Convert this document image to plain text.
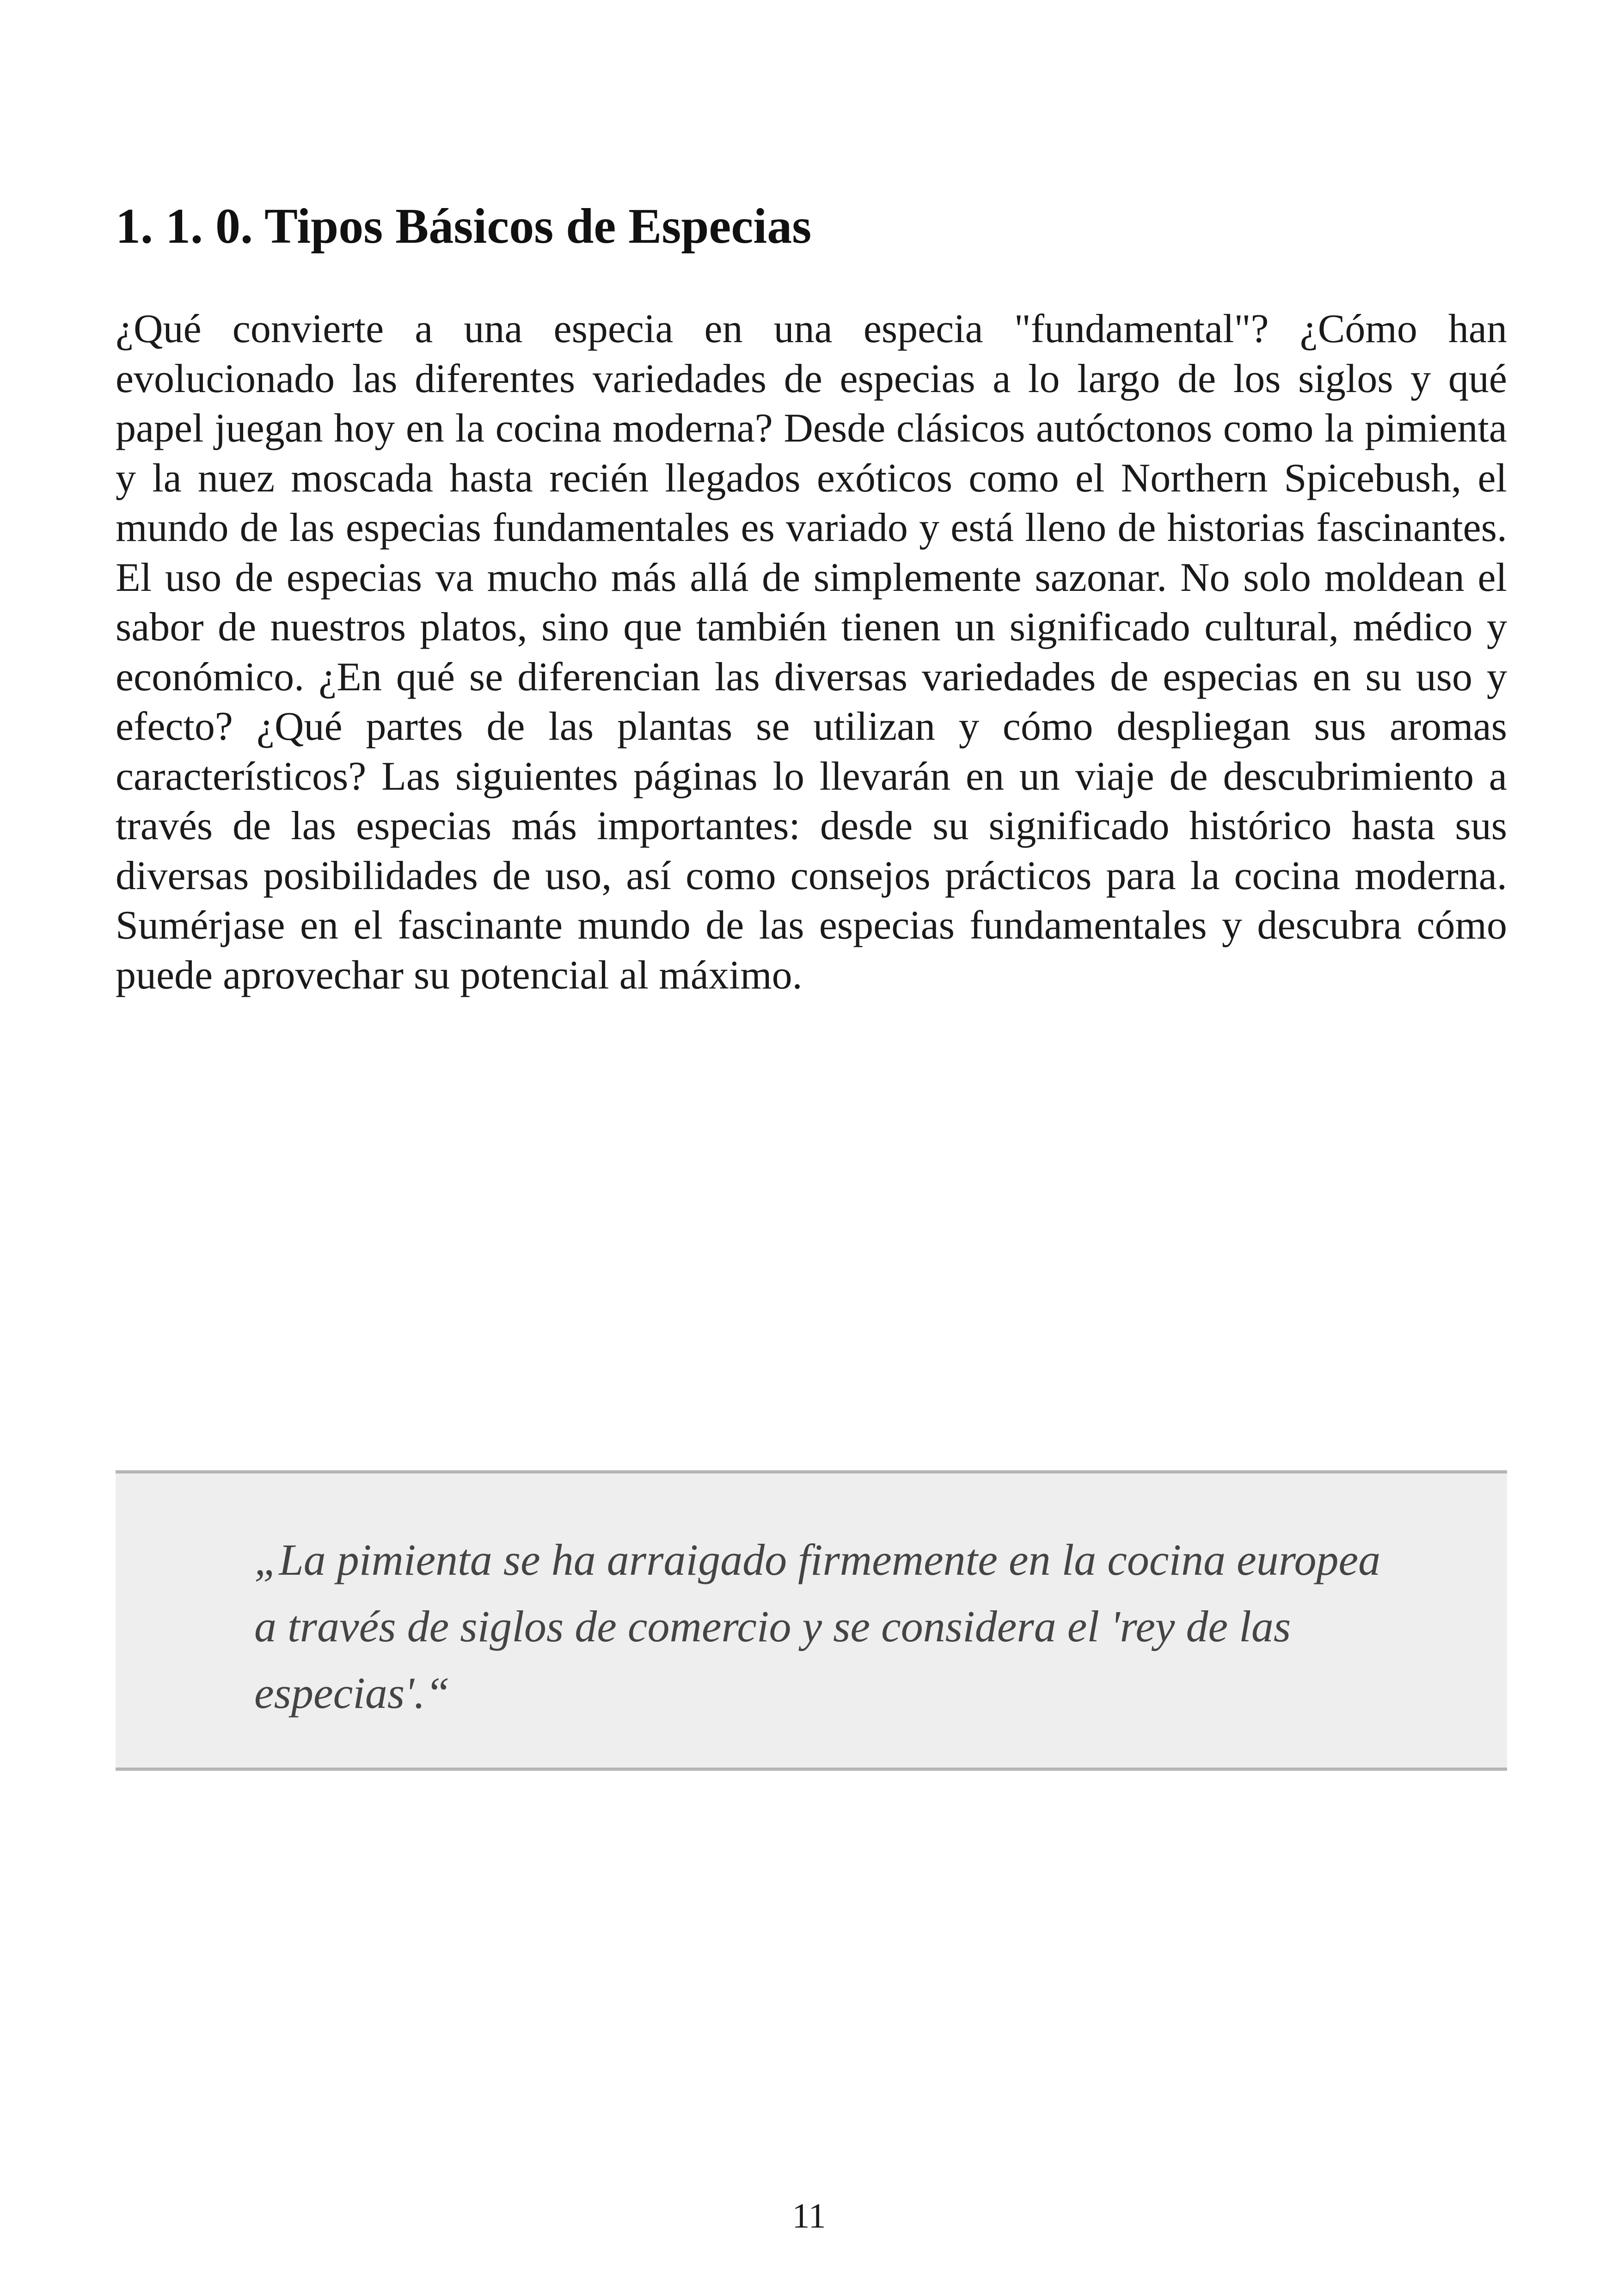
1. 1. 0. Tipos Básicos de Especias

¿Qué convierte a una especia en una especia "fundamental"? ¿Cómo han evolucionado las diferentes variedades de especias a lo largo de los siglos y qué papel juegan hoy en la cocina moderna? Desde clásicos autóctonos como la pimienta y la nuez moscada hasta recién llegados exóticos como el Northern Spicebush, el mundo de las especias fundamentales es variado y está lleno de historias fascinantes. El uso de especias va mucho más allá de simplemente sazonar. No solo moldean el sabor de nuestros platos, sino que también tienen un significado cultural, médico y económico. ¿En qué se diferencian las diversas variedades de especias en su uso y efecto? ¿Qué partes de las plantas se utilizan y cómo despliegan sus aromas característicos? Las siguientes páginas lo llevarán en un viaje de descubrimiento a través de las especias más importantes: desde su significado histórico hasta sus diversas posibilidades de uso, así como consejos prácticos para la cocina moderna. Sumérjase en el fascinante mundo de las especias fundamentales y descubra cómo puede aprovechar su potencial al máximo.

„La pimienta se ha arraigado firmemente en la cocina europea a través de siglos de comercio y se considera el 'rey de las especias'.“

11
